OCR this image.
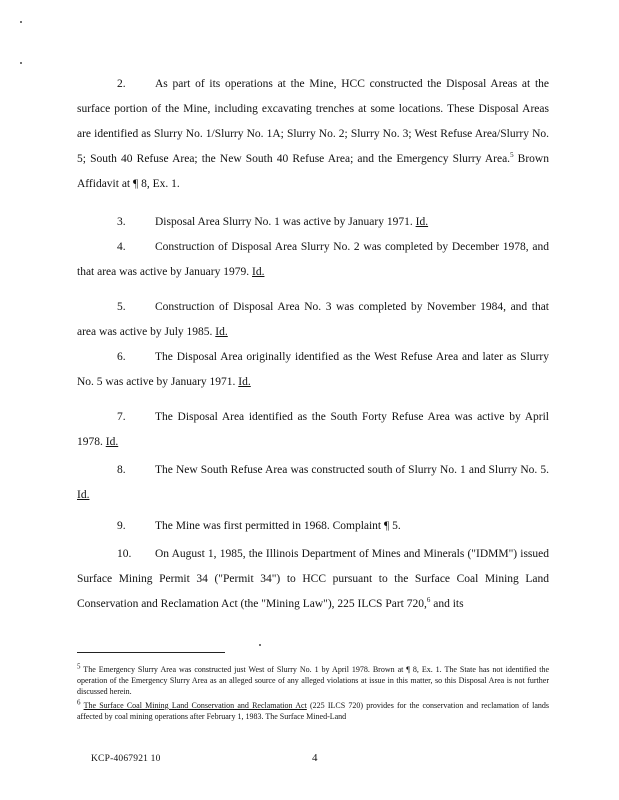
2.	As part of its operations at the Mine, HCC constructed the Disposal Areas at the surface portion of the Mine, including excavating trenches at some locations. These Disposal Areas are identified as Slurry No. 1/Slurry No. 1A; Slurry No. 2; Slurry No. 3; West Refuse Area/Slurry No. 5; South 40 Refuse Area; the New South 40 Refuse Area; and the Emergency Slurry Area.$^5$ Brown Affidavit at ¶ 8, Ex. 1.

3.	Disposal Area Slurry No. 1 was active by January 1971. Id.

4.	Construction of Disposal Area Slurry No. 2 was completed by December 1978, and that area was active by January 1979. Id.

5.	Construction of Disposal Area No. 3 was completed by November 1984, and that area was active by July 1985. Id.

6.	The Disposal Area originally identified as the West Refuse Area and later as Slurry No. 5 was active by January 1971. Id.

7.	The Disposal Area identified as the South Forty Refuse Area was active by April 1978. Id.

8.	The New South Refuse Area was constructed south of Slurry No. 1 and Slurry No. 5. Id.

9.	The Mine was first permitted in 1968. Complaint ¶ 5.

10. On August 1, 1985, the Illinois Department of Mines and Minerals ("IDMM") issued Surface Mining Permit 34 ("Permit 34") to HCC pursuant to the Surface Coal Mining Land Conservation and Reclamation Act (the "Mining Law"), 225 ILCS Part 720,$^6$ and its

$^5$ The Emergency Slurry Area was constructed just West of Slurry No. 1 by April 1978. Brown at ¶ 8, Ex. 1. The State has not identified the operation of the Emergency Slurry Area as an alleged source of any alleged violations at issue in this matter, so this Disposal Area is not further discussed herein.

$^6$ The Surface Coal Mining Land Conservation and Reclamation Act (225 ILCS 720) provides for the conservation and reclamation of lands affected by coal mining operations after February 1, 1983. The Surface Mined-Land

KCP-4067921 10	4
